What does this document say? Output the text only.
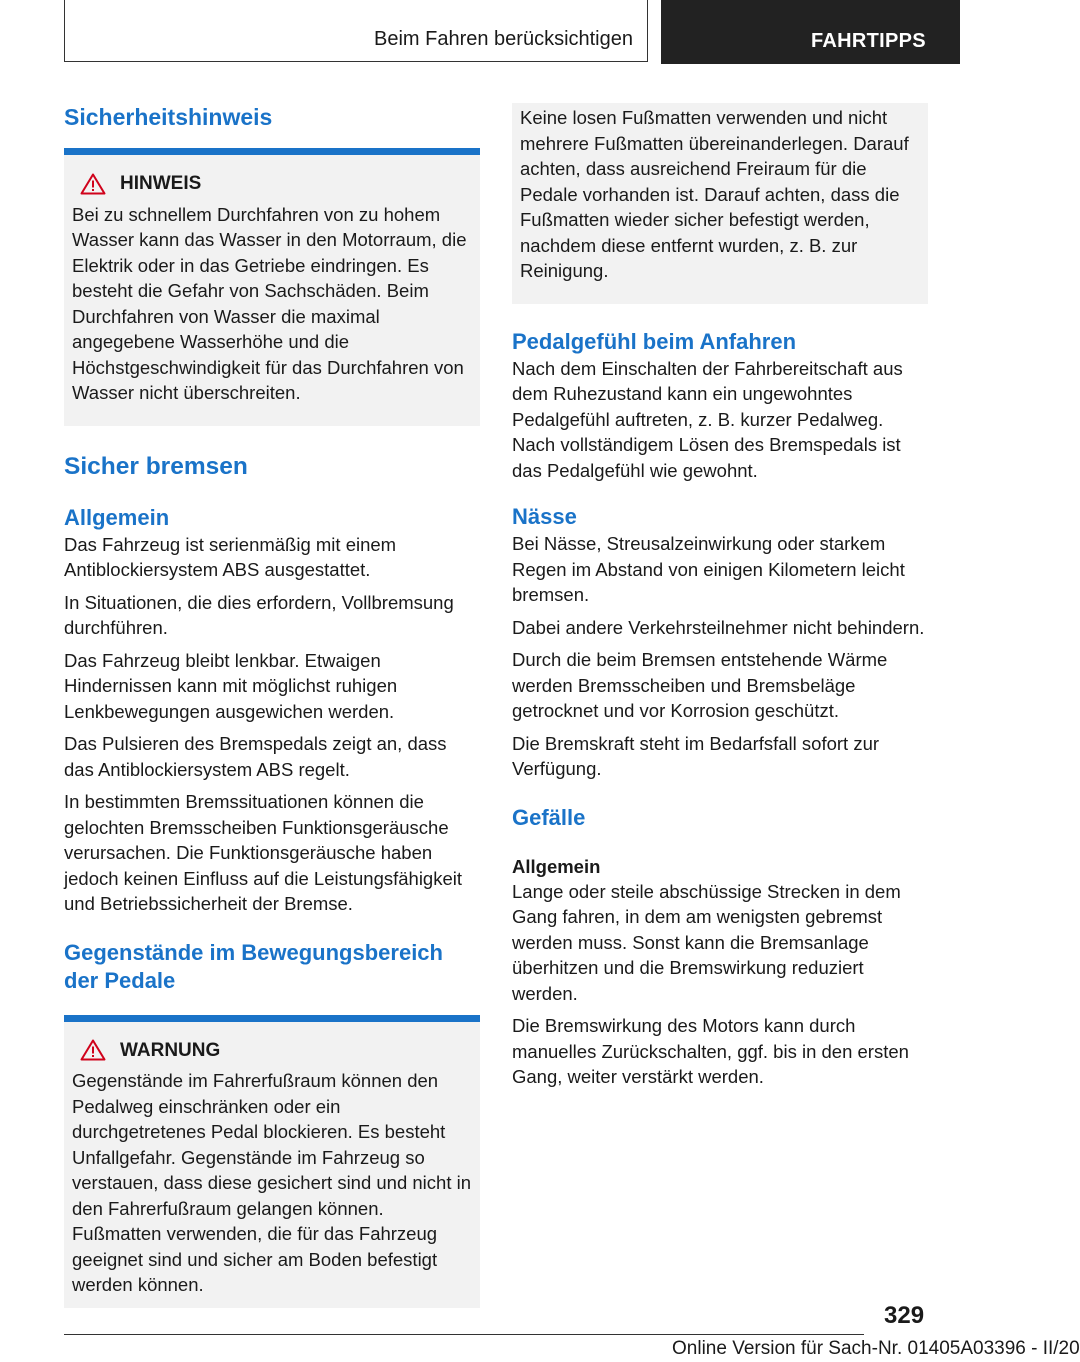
Beim Fahren berücksichtigen	FAHRTIPPS
Sicherheitshinweis
HINWEIS

Bei zu schnellem Durchfahren von zu hohem Wasser kann das Wasser in den Motorraum, die Elektrik oder in das Getriebe eindringen. Es besteht die Gefahr von Sachschäden. Beim Durchfahren von Wasser die maximal angegebene Wasserhöhe und die Höchstgeschwindigkeit für das Durchfahren von Wasser nicht überschreiten.

Sicher bremsen
Allgemein

Das Fahrzeug ist serienmäßig mit einem Antiblockiersystem ABS ausgestattet.

In Situationen, die dies erfordern, Vollbremsung durchführen.

Das Fahrzeug bleibt lenkbar. Etwaigen Hindernissen kann mit möglichst ruhigen Lenkbewegungen ausgewichen werden.

Das Pulsieren des Bremspedals zeigt an, dass das Antiblockiersystem ABS regelt.

In bestimmten Bremssituationen können die gelochten Bremsscheiben Funktionsgeräusche verursachen. Die Funktionsgeräusche haben jedoch keinen Einfluss auf die Leistungsfähigkeit und Betriebssicherheit der Bremse.

Gegenstände im Bewegungsbereich der Pedale
WARNUNG

Gegenstände im Fahrerfußraum können den Pedalweg einschränken oder ein durchgetretenes Pedal blockieren. Es besteht Unfallgefahr. Gegenstände im Fahrzeug so verstauen, dass diese gesichert sind und nicht in den Fahrerfußraum gelangen können. Fußmatten verwenden, die für das Fahrzeug geeignet sind und sicher am Boden befestigt werden können.

Keine losen Fußmatten verwenden und nicht mehrere Fußmatten übereinanderlegen. Darauf achten, dass ausreichend Freiraum für die Pedale vorhanden ist. Darauf achten, dass die Fußmatten wieder sicher befestigt werden, nachdem diese entfernt wurden, z. B. zur Reinigung.

Pedalgefühl beim Anfahren

Nach dem Einschalten der Fahrbereitschaft aus dem Ruhezustand kann ein ungewohntes Pedalgefühl auftreten, z. B. kurzer Pedalweg. Nach vollständigem Lösen des Bremspedals ist das Pedalgefühl wie gewohnt.

Nässe

Bei Nässe, Streusalzeinwirkung oder starkem Regen im Abstand von einigen Kilometern leicht bremsen.

Dabei andere Verkehrsteilnehmer nicht behindern.

Durch die beim Bremsen entstehende Wärme werden Bremsscheiben und Bremsbeläge getrocknet und vor Korrosion geschützt.

Die Bremskraft steht im Bedarfsfall sofort zur Verfügung.

Gefälle
Allgemein

Lange oder steile abschüssige Strecken in dem Gang fahren, in dem am wenigsten gebremst werden muss. Sonst kann die Bremsanlage überhitzen und die Bremswirkung reduziert werden.

Die Bremswirkung des Motors kann durch manuelles Zurückschalten, ggf. bis in den ersten Gang, weiter verstärkt werden.

329
Online Version für Sach-Nr. 01405A03396 - II/20
